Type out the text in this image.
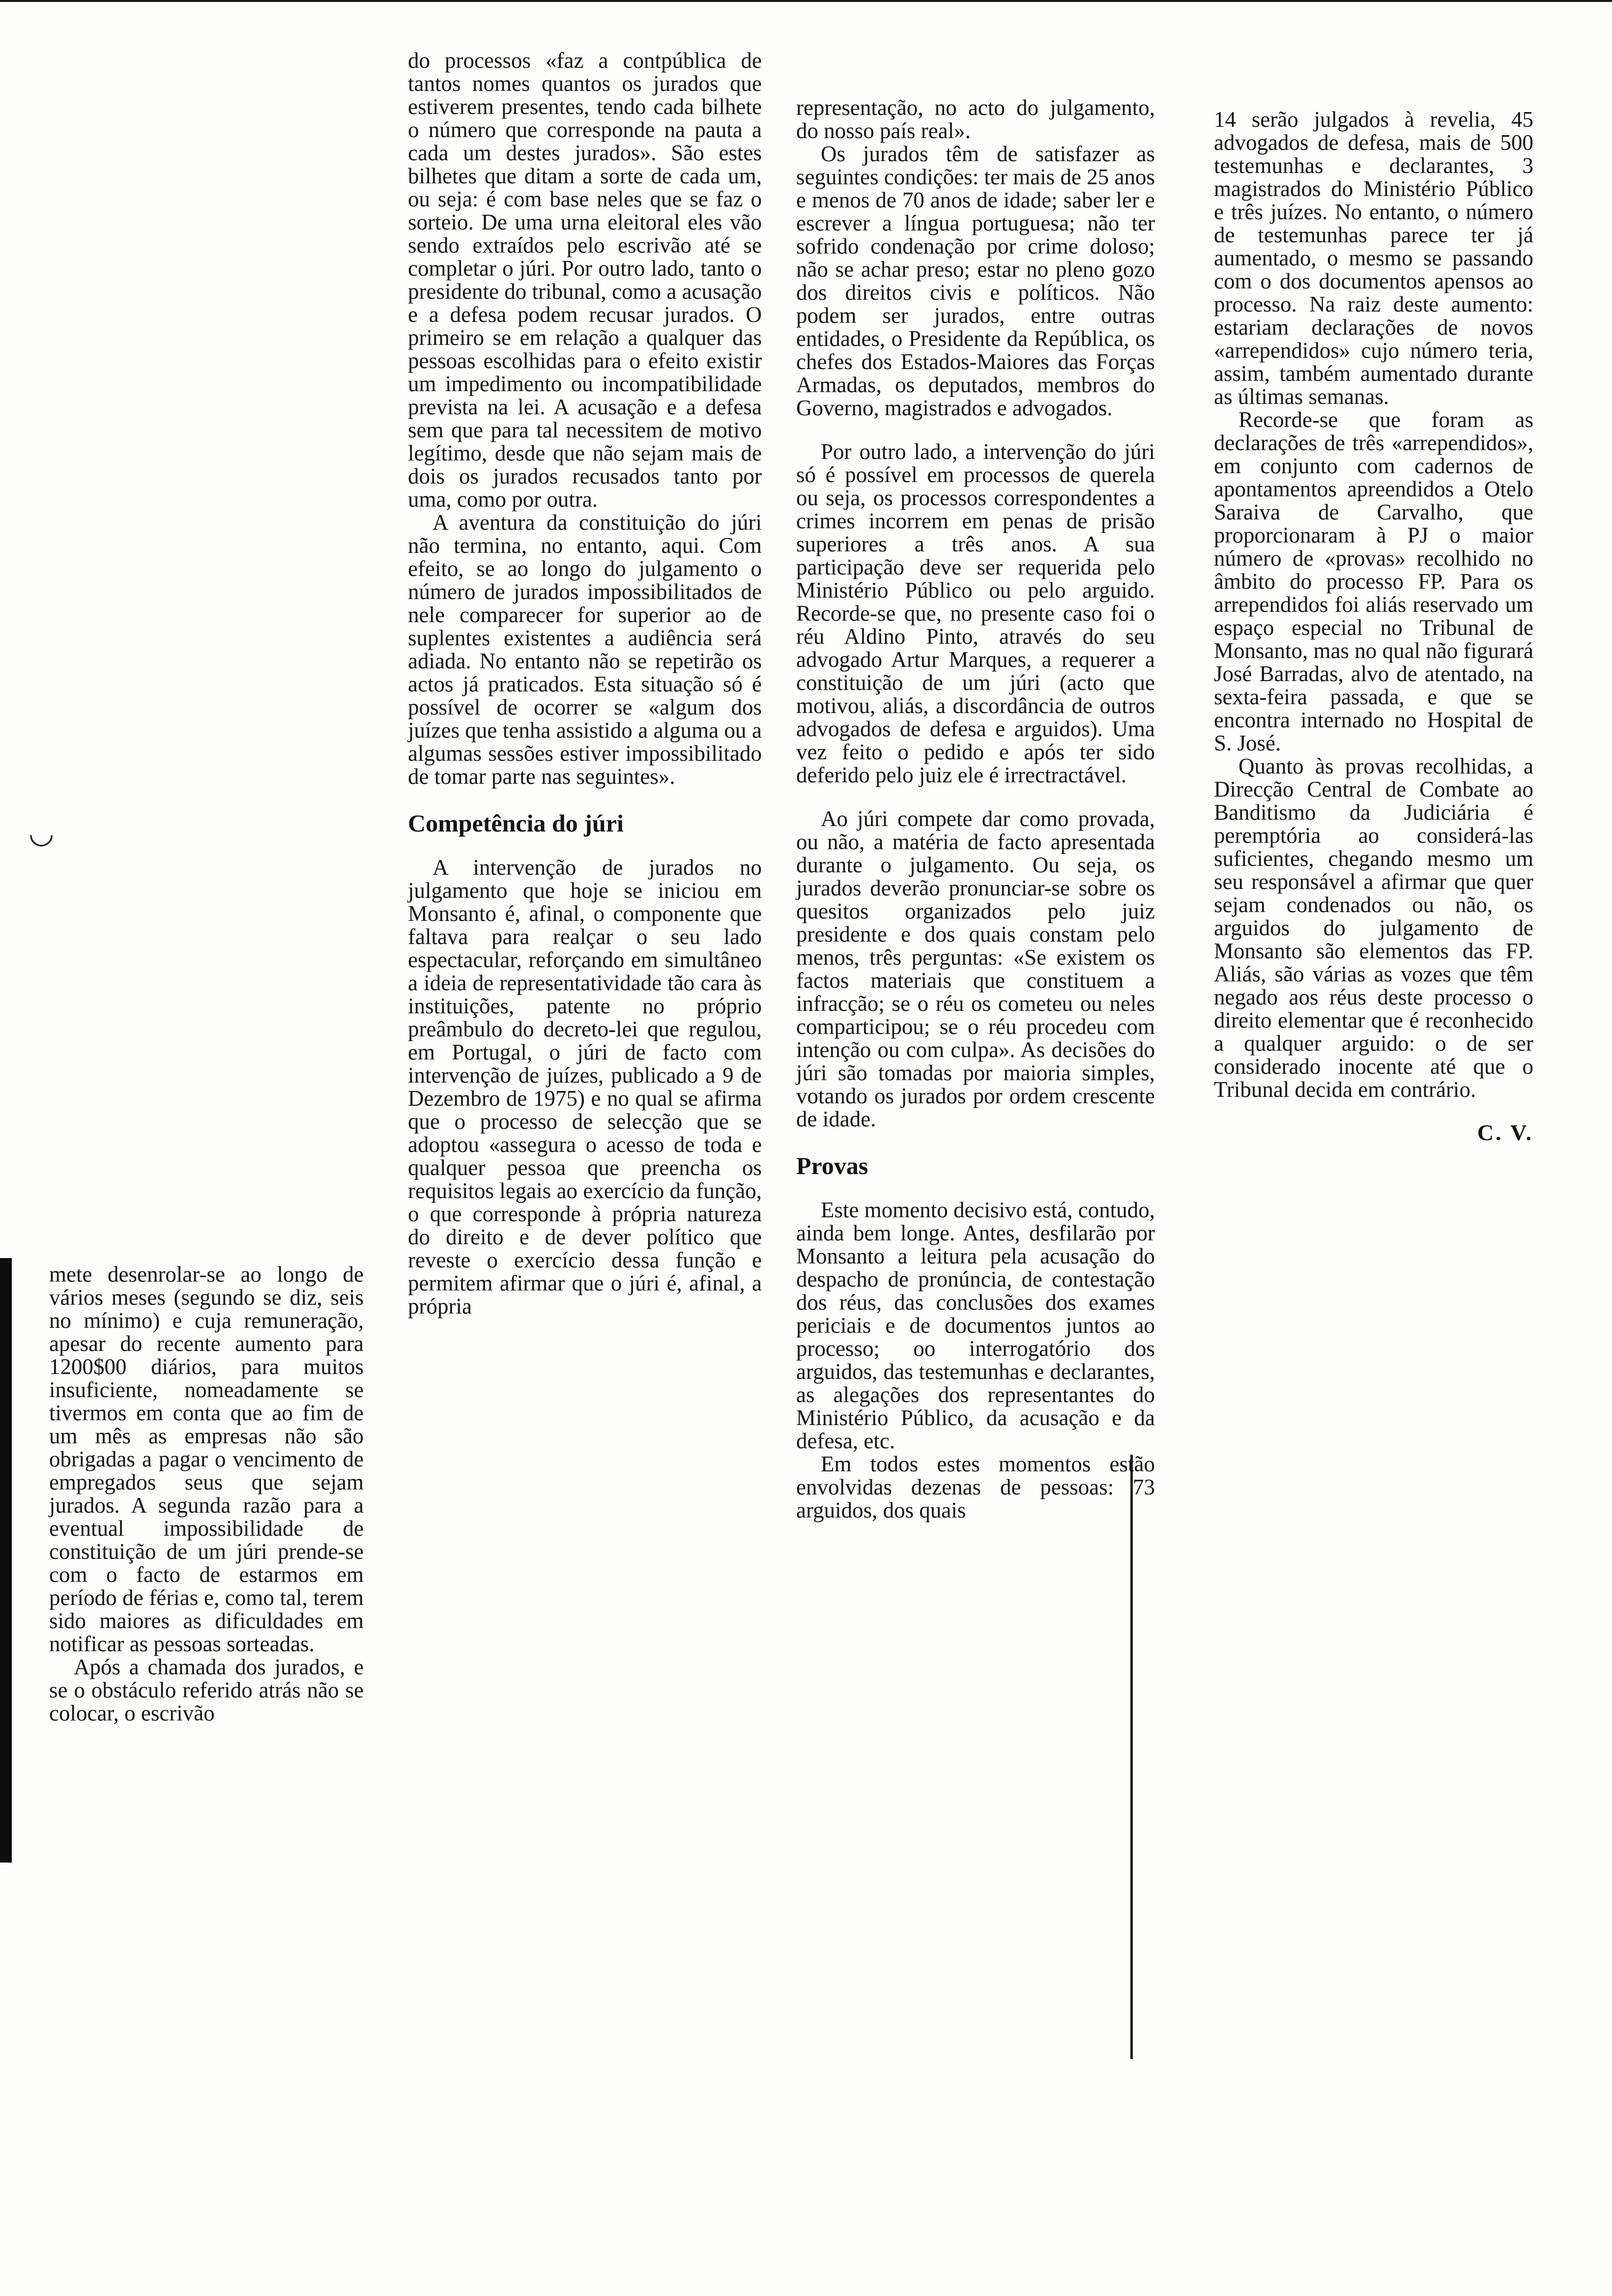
◡

mete desenrolar-se ao longo de vários meses (segundo se diz, seis no mínimo) e cuja remuneração, apesar do recente aumento para 1200$00 diários, para muitos insuficiente, nomeadamente se tivermos em conta que ao fim de um mês as empresas não são obrigadas a pagar o vencimento de empregados seus que sejam jurados. A segunda razão para a eventual impossibilidade de constituição de um júri prende-se com o facto de estarmos em período de férias e, como tal, terem sido maiores as dificuldades em notificar as pessoas sorteadas.

Após a chamada dos jurados, e se o obstáculo referido atrás não se colocar, o escrivão

do processos «faz a contpública de tantos nomes quantos os jurados que estiverem presentes, tendo cada bilhete o número que corresponde na pauta a cada um destes jurados». São estes bilhetes que ditam a sorte de cada um, ou seja: é com base neles que se faz o sorteio. De uma urna eleitoral eles vão sendo extraídos pelo escrivão até se completar o júri. Por outro lado, tanto o presidente do tribunal, como a acusação e a defesa podem recusar jurados. O primeiro se em relação a qualquer das pessoas escolhidas para o efeito existir um impedimento ou incompatibilidade prevista na lei. A acusação e a defesa sem que para tal necessitem de motivo legítimo, desde que não sejam mais de dois os jurados recusados tanto por uma, como por outra.

A aventura da constituição do júri não termina, no entanto, aqui. Com efeito, se ao longo do julgamento o número de jurados impossibilitados de nele comparecer for superior ao de suplentes existentes a audiência será adiada. No entanto não se repetirão os actos já praticados. Esta situação só é possível de ocorrer se «algum dos juízes que tenha assistido a alguma ou a algumas sessões estiver impossibilitado de tomar parte nas seguintes».

Competência do júri

A intervenção de jurados no julgamento que hoje se iniciou em Monsanto é, afinal, o componente que faltava para realçar o seu lado espectacular, reforçando em simultâneo a ideia de representatividade tão cara às instituições, patente no próprio preâmbulo do decreto-lei que regulou, em Portugal, o júri de facto com intervenção de juízes, publicado a 9 de Dezembro de 1975) e no qual se afirma que o processo de selecção que se adoptou «assegura o acesso de toda e qualquer pessoa que preencha os requisitos legais ao exercício da função, o que corresponde à própria natureza do direito e de dever político que reveste o exercício dessa função e permitem afirmar que o júri é, afinal, a própria

representação, no acto do julgamento, do nosso país real».

Os jurados têm de satisfazer as seguintes condições: ter mais de 25 anos e menos de 70 anos de idade; saber ler e escrever a língua portuguesa; não ter sofrido condenação por crime doloso; não se achar preso; estar no pleno gozo dos direitos civis e políticos. Não podem ser jurados, entre outras entidades, o Presidente da República, os chefes dos Estados-Maiores das Forças Armadas, os deputados, membros do Governo, magistrados e advogados.

Por outro lado, a intervenção do júri só é possível em processos de querela ou seja, os processos correspondentes a crimes incorrem em penas de prisão superiores a três anos. A sua participação deve ser requerida pelo Ministério Público ou pelo arguido. Recorde-se que, no presente caso foi o réu Aldino Pinto, através do seu advogado Artur Marques, a requerer a constituição de um júri (acto que motivou, aliás, a discordância de outros advogados de defesa e arguidos). Uma vez feito o pedido e após ter sido deferido pelo juiz ele é irrectractável.

Ao júri compete dar como provada, ou não, a matéria de facto apresentada durante o julgamento. Ou seja, os jurados deverão pronunciar-se sobre os quesitos organizados pelo juiz presidente e dos quais constam pelo menos, três perguntas: «Se existem os factos materiais que constituem a infracção; se o réu os cometeu ou neles comparticipou; se o réu procedeu com intenção ou com culpa». As decisões do júri são tomadas por maioria simples, votando os jurados por ordem crescente de idade.

Provas

Este momento decisivo está, contudo, ainda bem longe. Antes, desfilarão por Monsanto a leitura pela acusação do despacho de pronúncia, de contestação dos réus, das conclusões dos exames periciais e de documentos juntos ao processo; oo interrogatório dos arguidos, das testemunhas e declarantes, as alegações dos representantes do Ministério Público, da acusação e da defesa, etc.

Em todos estes momentos estão envolvidas dezenas de pessoas: 73 arguidos, dos quais

14 serão julgados à revelia, 45 advogados de defesa, mais de 500 testemunhas e declarantes, 3 magistrados do Ministério Público e três juízes. No entanto, o número de testemunhas parece ter já aumentado, o mesmo se passando com o dos documentos apensos ao processo. Na raiz deste aumento: estariam declarações de novos «arrependidos» cujo número teria, assim, também aumentado durante as últimas semanas.

Recorde-se que foram as declarações de três «arrependidos», em conjunto com cadernos de apontamentos apreendidos a Otelo Saraiva de Carvalho, que proporcionaram à PJ o maior número de «provas» recolhido no âmbito do processo FP. Para os arrependidos foi aliás reservado um espaço especial no Tribunal de Monsanto, mas no qual não figurará José Barradas, alvo de atentado, na sexta-feira passada, e que se encontra internado no Hospital de S. José.

Quanto às provas recolhidas, a Direcção Central de Combate ao Banditismo da Judiciária é peremptória ao considerá-las suficientes, chegando mesmo um seu responsável a afirmar que quer sejam condenados ou não, os arguidos do julgamento de Monsanto são elementos das FP. Aliás, são várias as vozes que têm negado aos réus deste processo o direito elementar que é reconhecido a qualquer arguido: o de ser considerado inocente até que o Tribunal decida em contrário.

C. V.
